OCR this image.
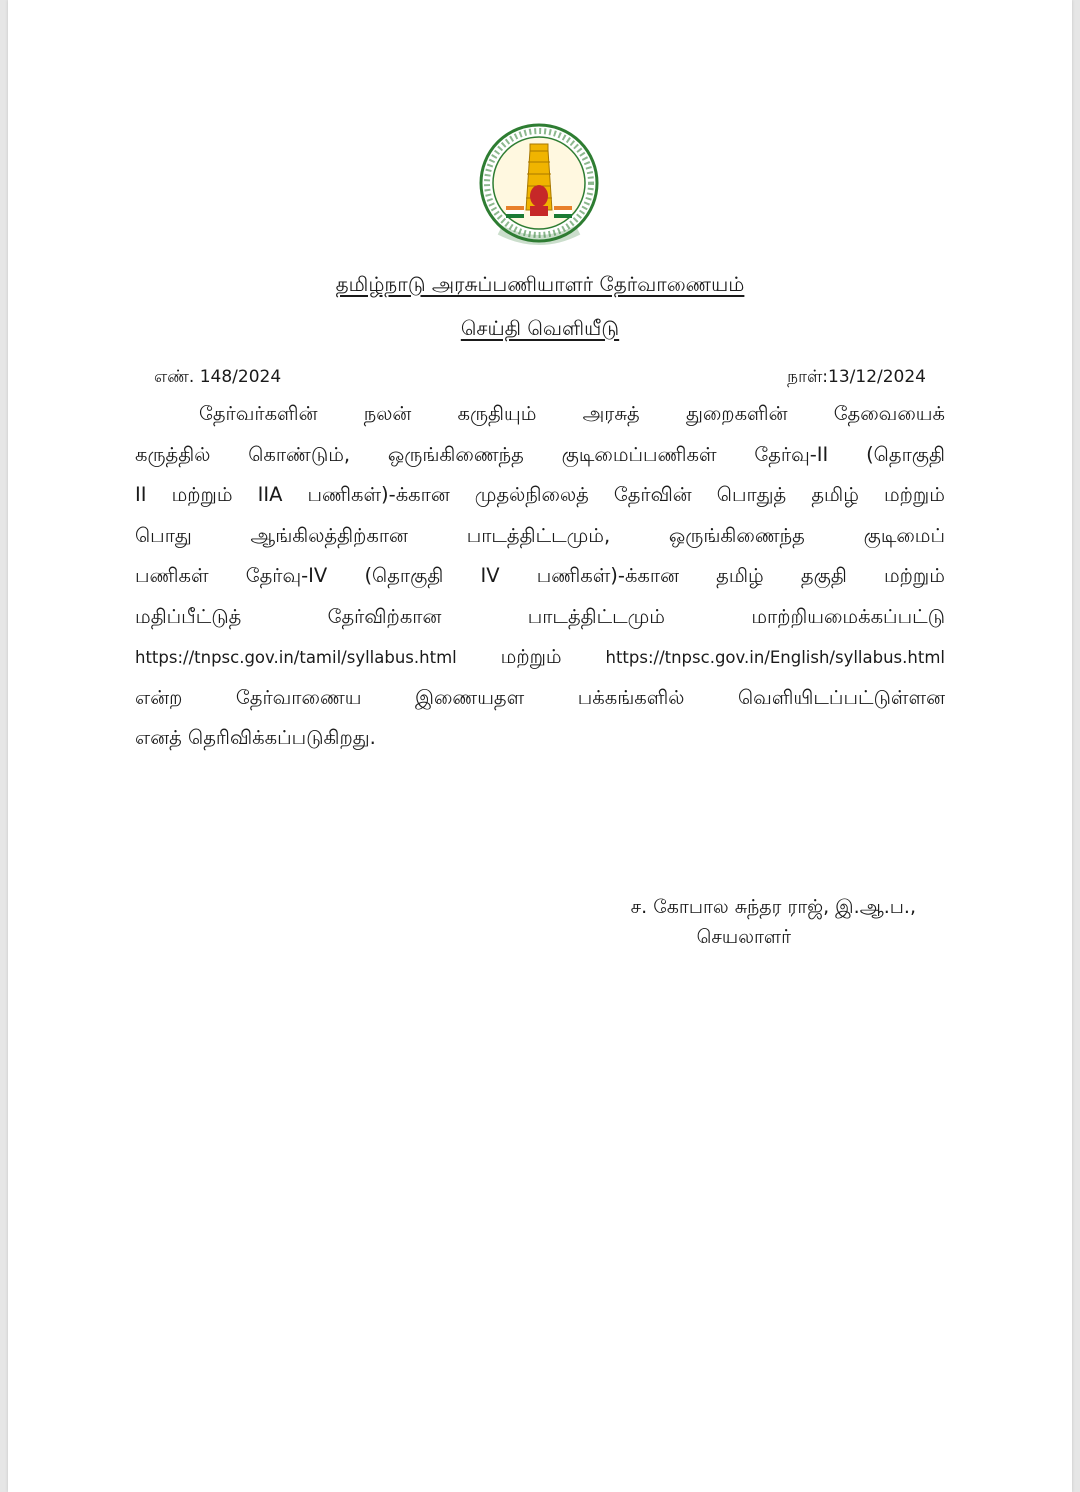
தமிழ்நாடு அரசுப்பணியாளர் தேர்வாணையம்
செய்தி வெளியீடு
எண். 148/2024	நாள்:13/12/2024
தேர்வர்களின் நலன் கருதியும் அரசுத் துறைகளின் தேவையைக்
கருத்தில் கொண்டும், ஒருங்கிணைந்த குடிமைப்பணிகள் தேர்வு-II (தொகுதி
II மற்றும் IIA பணிகள்)-க்கான முதல்நிலைத் தேர்வின் பொதுத் தமிழ் மற்றும்
பொது	ஆங்கிலத்திற்கான	பாடத்திட்டமும்,	ஒருங்கிணைந்த	குடிமைப்
பணிகள் தேர்வு-IV (தொகுதி IV பணிகள்)-க்கான தமிழ் தகுதி மற்றும்
மதிப்பீட்டுத்	தேர்விற்கான	பாடத்திட்டமும்	மாற்றியமைக்கப்பட்டு
https://tnpsc.gov.in/tamil/syllabus.html மற்றும்	https://tnpsc.gov.in/English/syllabus.html
என்ற	தேர்வாணைய	இணையதள	பக்கங்களில்	வெளியிடப்பட்டுள்ளன
எனத் தெரிவிக்கப்படுகிறது.
ச. கோபால சுந்தர ராஜ், இ.ஆ.ப.,
செயலாளர்
